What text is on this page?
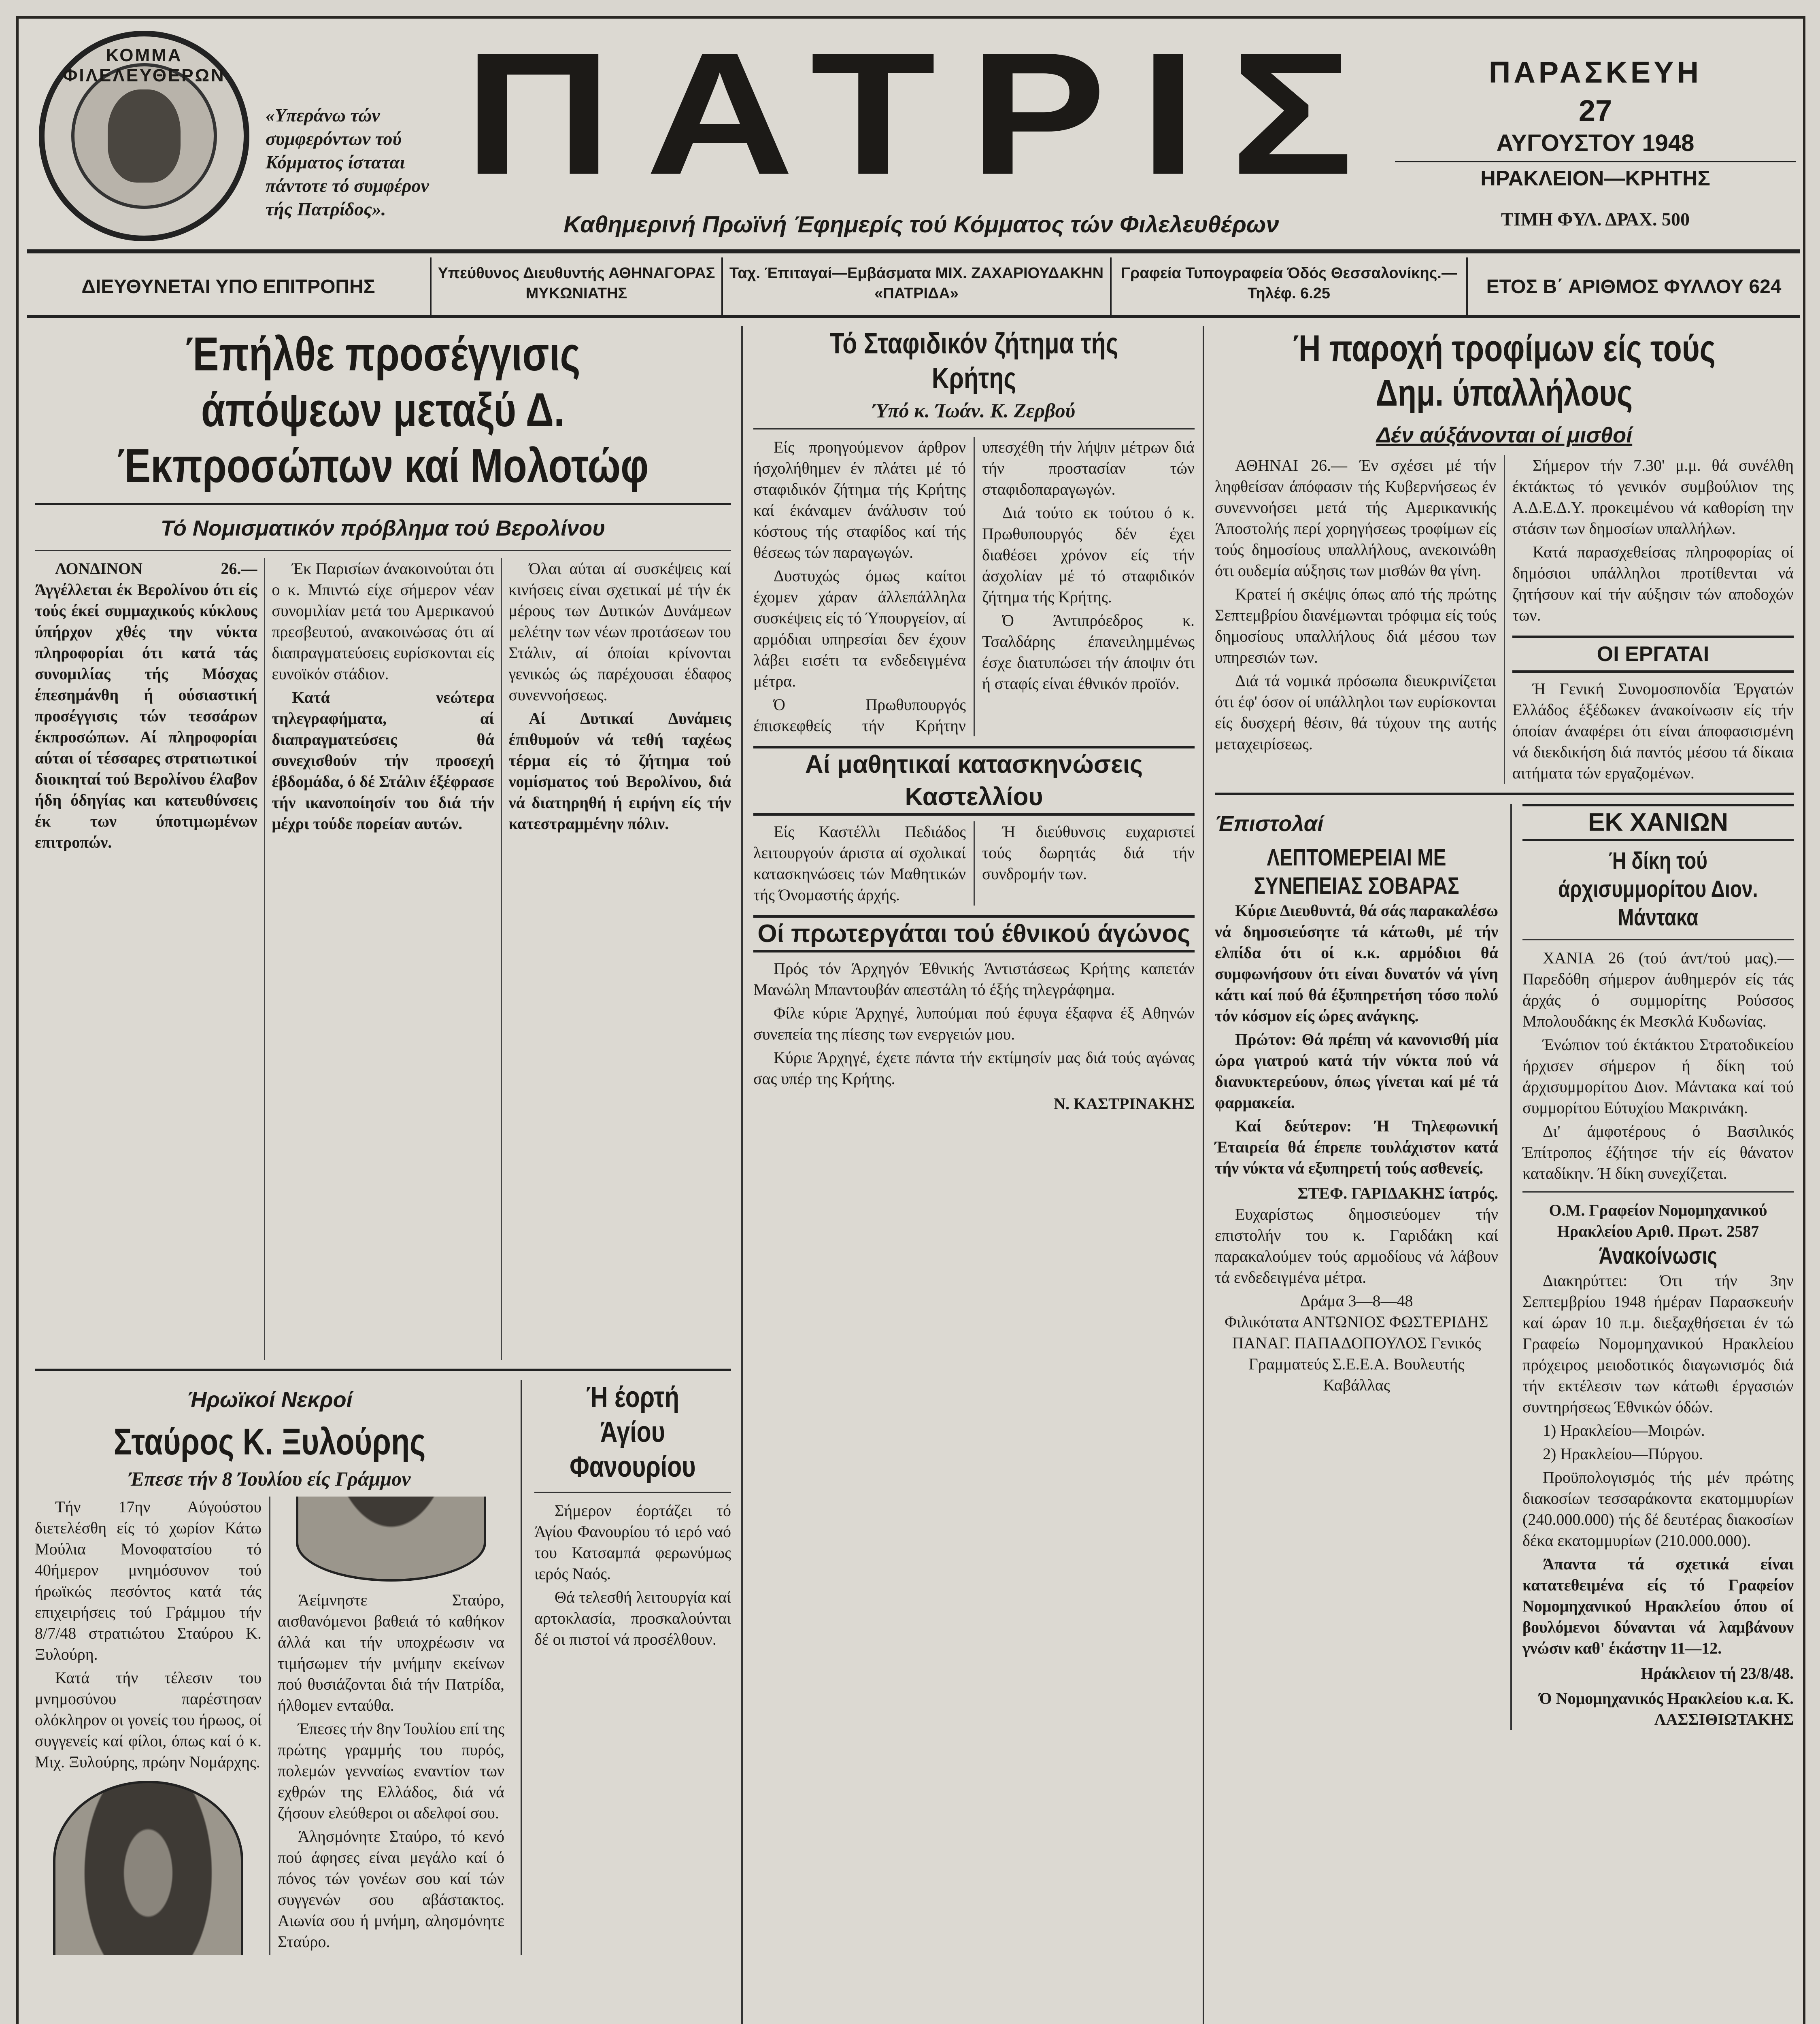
ΚΟΜΜΑ ΦΙΛΕΛΕΥΘΕΡΩΝ
«Υπεράνω τών συμφερόντων τού Κόμματος ίσταται πάντοτε τό συμφέρον τής Πατρίδος». ΠΑΤΡΙΣ
Καθημερινή Πρωϊνή Έφημερίς τού Κόμματος τών Φιλελευθέρων
ΠΑΡΑΣΚΕΥΗ
27
ΑΥΓΟΥΣΤΟΥ 1948
ΗΡΑΚΛΕΙΟΝ—ΚΡΗΤΗΣ
ΤΙΜΗ ΦΥΛ. ΔΡΑΧ. 500
ΔΙΕΥΘΥΝΕΤΑΙ ΥΠΟ ΕΠΙΤΡΟΠΗΣ
Υπεύθυνος Διευθυντής ΑΘΗΝΑΓΟΡΑΣ ΜΥΚΩΝΙΑΤΗΣ
Ταχ. Έπιταγαί—Εμβάσματα ΜΙΧ. ΖΑΧΑΡΙΟΥΔΑΚΗΝ «ΠΑΤΡΙΔΑ»
Γραφεία Τυπογραφεία Όδός Θεσσαλονίκης.—Τηλέφ. 6.25	ΕΤΟΣ Β΄ ΑΡΙΘΜΟΣ ΦΥΛΛΟΥ 624
Έπήλθε προσέγγισις άπόψεων μεταξύ Δ. Έκπροσώπων καί Μολοτώφ
Τό Νομισματικόν πρόβλημα τού Βερολίνου

ΛΟΝΔΙΝΟΝ 26.— Άγγέλλεται έκ Βερολίνου ότι είς τούς έκεί συμμαχικούς κύκλους ύπήρχον χθές την νύκτα πληροφορίαι ότι κατά τάς συνομιλίας τής Μόσχας έπεσημάνθη ή ούσιαστική προσέγγισις τών τεσσάρων έκπροσώπων. Αί πληροφορίαι αύται οί τέσσαρες στρατιωτικοί διοικηταί τού Βερολίνου έλαβον ήδη όδηγίας και κατευθύνσεις έκ των ύποτιμωμένων επιτροπών.

Έκ Παρισίων άνακοινούται ότι ο κ. Μπιντώ είχε σήμερον νέαν συνομιλίαν μετά του Αμερικανού πρεσβευτού, ανακοινώσας ότι αί διαπραγματεύσεις ευρίσκονται είς ευνοϊκόν στάδιον.

Κατά νεώτερα τηλεγραφήματα, αί διαπραγματεύσεις θά συνεχισθούν τήν προσεχή έβδομάδα, ό δέ Στάλιν έξέφρασε τήν ικανοποίησίν του διά τήν μέχρι τούδε πορείαν αυτών.

Όλαι αύται αί συσκέψεις καί κινήσεις είναι σχετικαί μέ τήν έκ μέρους των Δυτικών Δυνάμεων μελέτην των νέων προτάσεων του Στάλιν, αί όποίαι κρίνονται γενικώς ώς παρέχουσαι έδαφος συνεννοήσεως.

Αί Δυτικαί Δυνάμεις έπιθυμούν νά τεθή ταχέως τέρμα είς τό ζήτημα τού νομίσματος τού Βερολίνου, διά νά διατηρηθή ή ειρήνη είς τήν κατεστραμμένην πόλιν.

Ήρωϊκοί Νεκροί
Σταύρος Κ. Ξυλούρης
Έπεσε τήν 8 Ίουλίου είς Γράμμον

Τήν 17ην Αύγούστου διετελέσθη είς τό χωρίον Κάτω Μούλια Μονοφατσίου τό 40ήμερον μνημόσυνον τού ήρωϊκώς πεσόντος κατά τάς επιχειρήσεις τού Γράμμου τήν 8/7/48 στρατιώτου Σταύρου Κ. Ξυλούρη.

Κατά τήν τέλεσιν του μνημοσύνου παρέστησαν ολόκληρον οι γονείς του ήρωος, οί συγγενείς καί φίλοι, όπως καί ό κ. Μιχ. Ξυλούρης, πρώην Νομάρχης.

Άείμνηστε Σταύρο, αισθανόμενοι βαθειά τό καθήκον άλλά και τήν υποχρέωσιν να τιμήσωμεν τήν μνήμην εκείνων πού θυσιάζονται διά τήν Πατρίδα, ήλθομεν ενταύθα.

Έπεσες τήν 8ην Ίουλίου επί της πρώτης γραμμής του πυρός, πολεμών γενναίως εναντίον των εχθρών της Ελλάδος, διά νά ζήσουν ελεύθεροι οι αδελφοί σου.

Άλησμόνητε Σταύρο, τό κενό πού άφησες είναι μεγάλο καί ό πόνος τών γονέων σου καί τών συγγενών σου αβάστακτος. Αιωνία σου ή μνήμη, αλησμόνητε Σταύρο.

Ή έορτή Άγίου Φανουρίου

Σήμερον έορτάζει τό Άγίου Φανουρίου τό ιερό ναό του Κατσαμπά φερωνύμως ιερός Ναός.

Θά τελεσθή λειτουργία καί αρτοκλασία, προσκαλούνται δέ οι πιστοί νά προσέλθουν.

Τό Σταφιδικόν ζήτημα τής Κρήτης
Ύπό κ. Ίωάν. Κ. Ζερβού

Είς προηγούμενον άρθρον ήσχολήθημεν έν πλάτει μέ τό σταφιδικόν ζήτημα τής Κρήτης καί έκάναμεν άνάλυσιν τού κόστους τής σταφίδος καί τής θέσεως τών παραγωγών.

Δυστυχώς όμως καίτοι έχομεν χάραν άλλεπάλληλα συσκέψεις είς τό Ύπουργείον, αί αρμόδιαι υπηρεσίαι δεν έχουν λάβει εισέτι τα ενδεδειγμένα μέτρα.

Ό Πρωθυπουργός έπισκεφθείς τήν Κρήτην υπεσχέθη τήν λήψιν μέτρων διά τήν προστασίαν τών σταφιδοπαραγωγών.

Διά τούτο εκ τούτου ό κ. Πρωθυπουργός δέν έχει διαθέσει χρόνον είς τήν άσχολίαν μέ τό σταφιδικόν ζήτημα τής Κρήτης.

Ό Άντιπρόεδρος κ. Τσαλδάρης έπανειλημμένως έσχε διατυπώσει τήν άποψιν ότι ή σταφίς είναι έθνικόν προϊόν.

Αί μαθητικαί κατασκηνώσεις Καστελλίου

Είς Καστέλλι Πεδιάδος λειτουργούν άριστα αί σχολικαί κατασκηνώσεις τών Μαθητικών τής Όνομαστής άρχής.

Ή διεύθυνσις ευχαριστεί τούς δωρητάς διά τήν συνδρομήν των.

Οί πρωτεργάται τού έθνικού άγώνος

Πρός τόν Άρχηγόν Έθνικής Άντιστάσεως Κρήτης καπετάν Μανώλη Μπαντουβάν απεστάλη τό έξής τηλεγράφημα.

Φίλε κύριε Άρχηγέ, λυπούμαι πού έφυγα έξαφνα έξ Αθηνών συνεπεία της πίεσης των ενεργειών μου.

Κύριε Άρχηγέ, έχετε πάντα τήν εκτίμησίν μας διά τούς αγώνας σας υπέρ της Κρήτης.

Ν. ΚΑΣΤΡΙΝΑΚΗΣ
Ή παροχή τροφίμων είς τούς Δημ. ύπαλλήλους
Δέν αύξάνονται οί μισθοί

ΑΘΗΝΑΙ 26.— Έν σχέσει μέ τήν ληφθείσαν άπόφασιν τής Κυβερνήσεως έν συνεννοήσει μετά τής Αμερικανικής Άποστολής περί χορηγήσεως τροφίμων είς τούς δημοσίους υπαλλήλους, ανεκοινώθη ότι ουδεμία αύξησις των μισθών θα γίνη.

Κρατεί ή σκέψις όπως από τής πρώτης Σεπτεμβρίου διανέμωνται τρόφιμα είς τούς δημοσίους υπαλλήλους διά μέσου των υπηρεσιών των.

Διά τά νομικά πρόσωπα διευκρινίζεται ότι έφ' όσον οί υπάλληλοι των ευρίσκονται είς δυσχερή θέσιν, θά τύχουν της αυτής μεταχειρίσεως.

Σήμερον τήν 7.30' μ.μ. θά συνέλθη έκτάκτως τό γενικόν συμβούλιον της Α.Δ.Ε.Δ.Υ. προκειμένου νά καθορίση την στάσιν των δημοσίων υπαλλήλων.

Κατά παρασχεθείσας πληροφορίας οί δημόσιοι υπάλληλοι προτίθενται νά ζητήσουν καί τήν αύξησιν τών αποδοχών των.

ΟΙ ΕΡΓΑΤΑΙ

Ή Γενική Συνομοσπονδία Έργατών Ελλάδος έξέδωκεν άνακοίνωσιν είς τήν όποίαν άναφέρει ότι είναι άποφασισμένη νά διεκδικήση διά παντός μέσου τά δίκαια αιτήματα τών εργαζομένων.

Έπιστολαί
ΛΕΠΤΟΜΕΡΕΙΑΙ ΜΕ ΣΥΝΕΠΕΙΑΣ ΣΟΒΑΡΑΣ

Κύριε Διευθυντά, θά σάς παρακαλέσω νά δημοσιεύσητε τά κάτωθι, μέ τήν ελπίδα ότι οί κ.κ. αρμόδιοι θά συμφωνήσουν ότι είναι δυνατόν νά γίνη κάτι καί πού θά έξυπηρετήση τόσο πολύ τόν κόσμον είς ώρες ανάγκης.

Πρώτον: Θά πρέπη νά κανονισθή μία ώρα γιατρού κατά τήν νύκτα πού νά διανυκτερεύουν, όπως γίνεται καί μέ τά φαρμακεία.

Καί δεύτερον: Ή Τηλεφωνική Έταιρεία θά έπρεπε τουλάχιστον κατά τήν νύκτα νά εξυπηρετή τούς ασθενείς.

ΣΤΕΦ. ΓΑΡΙΔΑΚΗΣ ίατρός.

Ευχαρίστως δημοσιεύομεν τήν επιστολήν του κ. Γαριδάκη καί παρακαλούμεν τούς αρμοδίους νά λάβουν τά ενδεδειγμένα μέτρα.

Δράμα 3—8—48
Φιλικότατα ΑΝΤΩΝΙΟΣ ΦΩΣΤΕΡΙΔΗΣ ΠΑΝΑΓ. ΠΑΠΑΔΟΠΟΥΛΟΣ Γενικός Γραμματεύς Σ.Ε.Ε.Α. Βουλευτής Καβάλλας
ΕΚ ΧΑΝΙΩΝ
Ή δίκη τού άρχισυμμορίτου Διον. Μάντακα

ΧΑΝΙΑ 26 (τού άντ/τού μας).— Παρεδόθη σήμερον άυθημερόν είς τάς άρχάς ό συμμορίτης Ρούσσος Μπολουδάκης έκ Μεσκλά Κυδωνίας.

Ένώπιον τού έκτάκτου Στρατοδικείου ήρχισεν σήμερον ή δίκη τού άρχισυμμορίτου Διον. Μάντακα καί τού συμμορίτου Εύτυχίου Μακρινάκη.

Δι' άμφοτέρους ό Βασιλικός Έπίτροπος έζήτησε τήν είς θάνατον καταδίκην. Ή δίκη συνεχίζεται.

Ο.Μ. Γραφείον Νομομηχανικού Ηρακλείου Αριθ. Πρωτ. 2587
Άνακοίνωσις

Διακηρύττει: Ότι τήν 3ην Σεπτεμβρίου 1948 ήμέραν Παρασκευήν καί ώραν 10 π.μ. διεξαχθήσεται έν τώ Γραφείω Νομομηχανικού Ηρακλείου πρόχειρος μειοδοτικός διαγωνισμός διά τήν εκτέλεσιν των κάτωθι έργασιών συντηρήσεως Έθνικών όδών.

1) Ηρακλείου—Μοιρών.

2) Ηρακλείου—Πύργου.

Προϋπολογισμός τής μέν πρώτης διακοσίων τεσσαράκοντα εκατομμυρίων (240.000.000) τής δέ δευτέρας διακοσίων δέκα εκατομμυρίων (210.000.000).

Άπαντα τά σχετικά είναι κατατεθειμένα είς τό Γραφείον Νομομηχανικού Ηρακλείου όπου οί βουλόμενοι δύνανται νά λαμβάνουν γνώσιν καθ' έκάστην 11—12.

Ηράκλειον τή 23/8/48.
Ό Νομομηχανικός Ηρακλείου κ.α. Κ. ΛΑΣΣΙΘΙΩΤΑΚΗΣ
